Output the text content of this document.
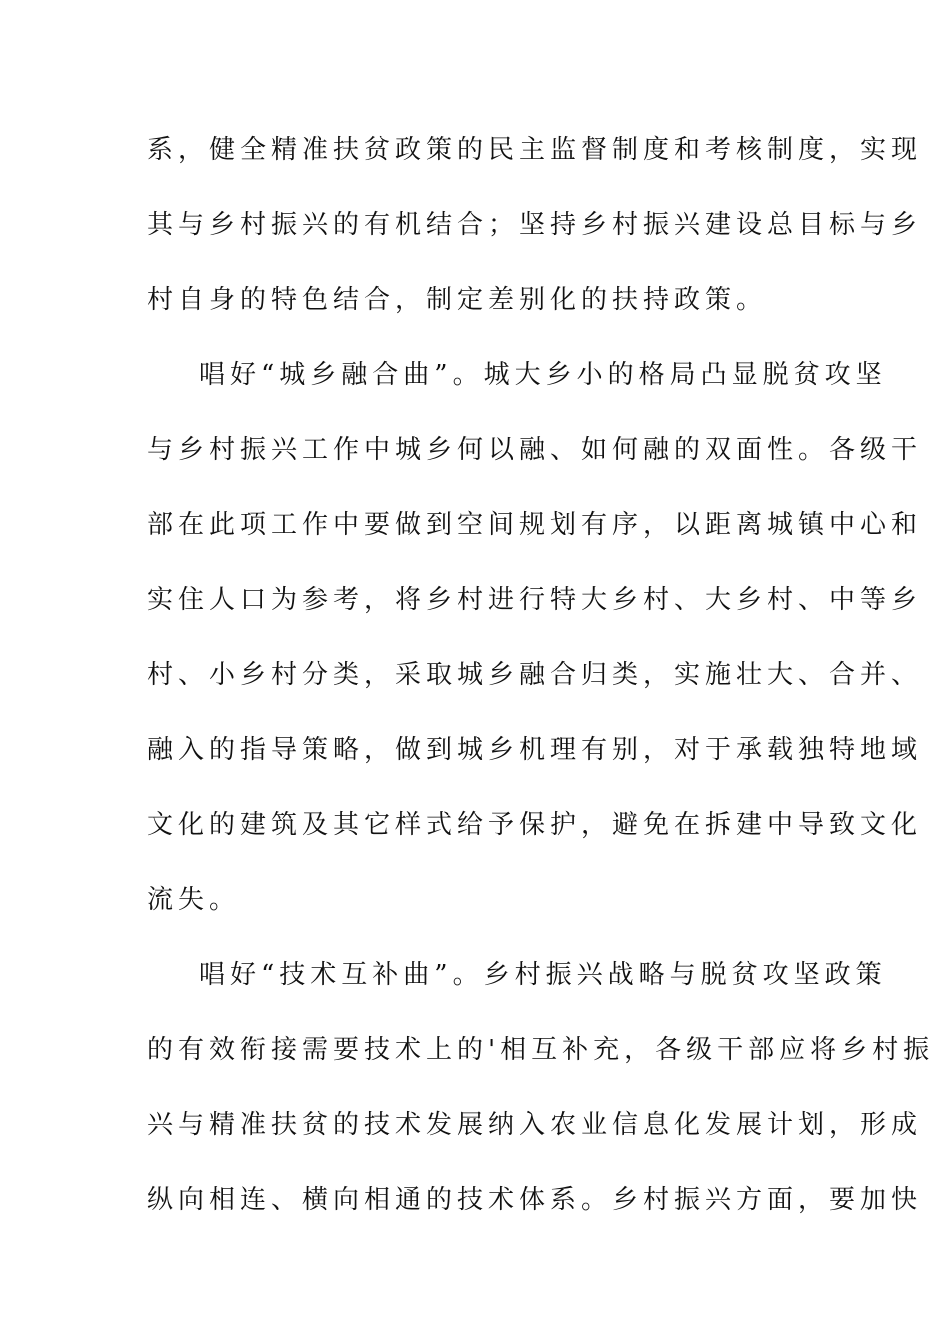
系，健全精准扶贫政策的民主监督制度和考核制度，实现
其与乡村振兴的有机结合；坚持乡村振兴建设总目标与乡
村自身的特色结合，制定差别化的扶持政策。
唱好“城乡融合曲”。城大乡小的格局凸显脱贫攻坚
与乡村振兴工作中城乡何以融、如何融的双面性。各级干
部在此项工作中要做到空间规划有序，以距离城镇中心和
实住人口为参考，将乡村进行特大乡村、大乡村、中等乡
村、小乡村分类，采取城乡融合归类，实施壮大、合并、
融入的指导策略，做到城乡机理有别，对于承载独特地域
文化的建筑及其它样式给予保护，避免在拆建中导致文化
流失。
唱好“技术互补曲”。乡村振兴战略与脱贫攻坚政策
的有效衔接需要技术上的'相互补充，各级干部应将乡村振
兴与精准扶贫的技术发展纳入农业信息化发展计划，形成
纵向相连、横向相通的技术体系。乡村振兴方面，要加快
